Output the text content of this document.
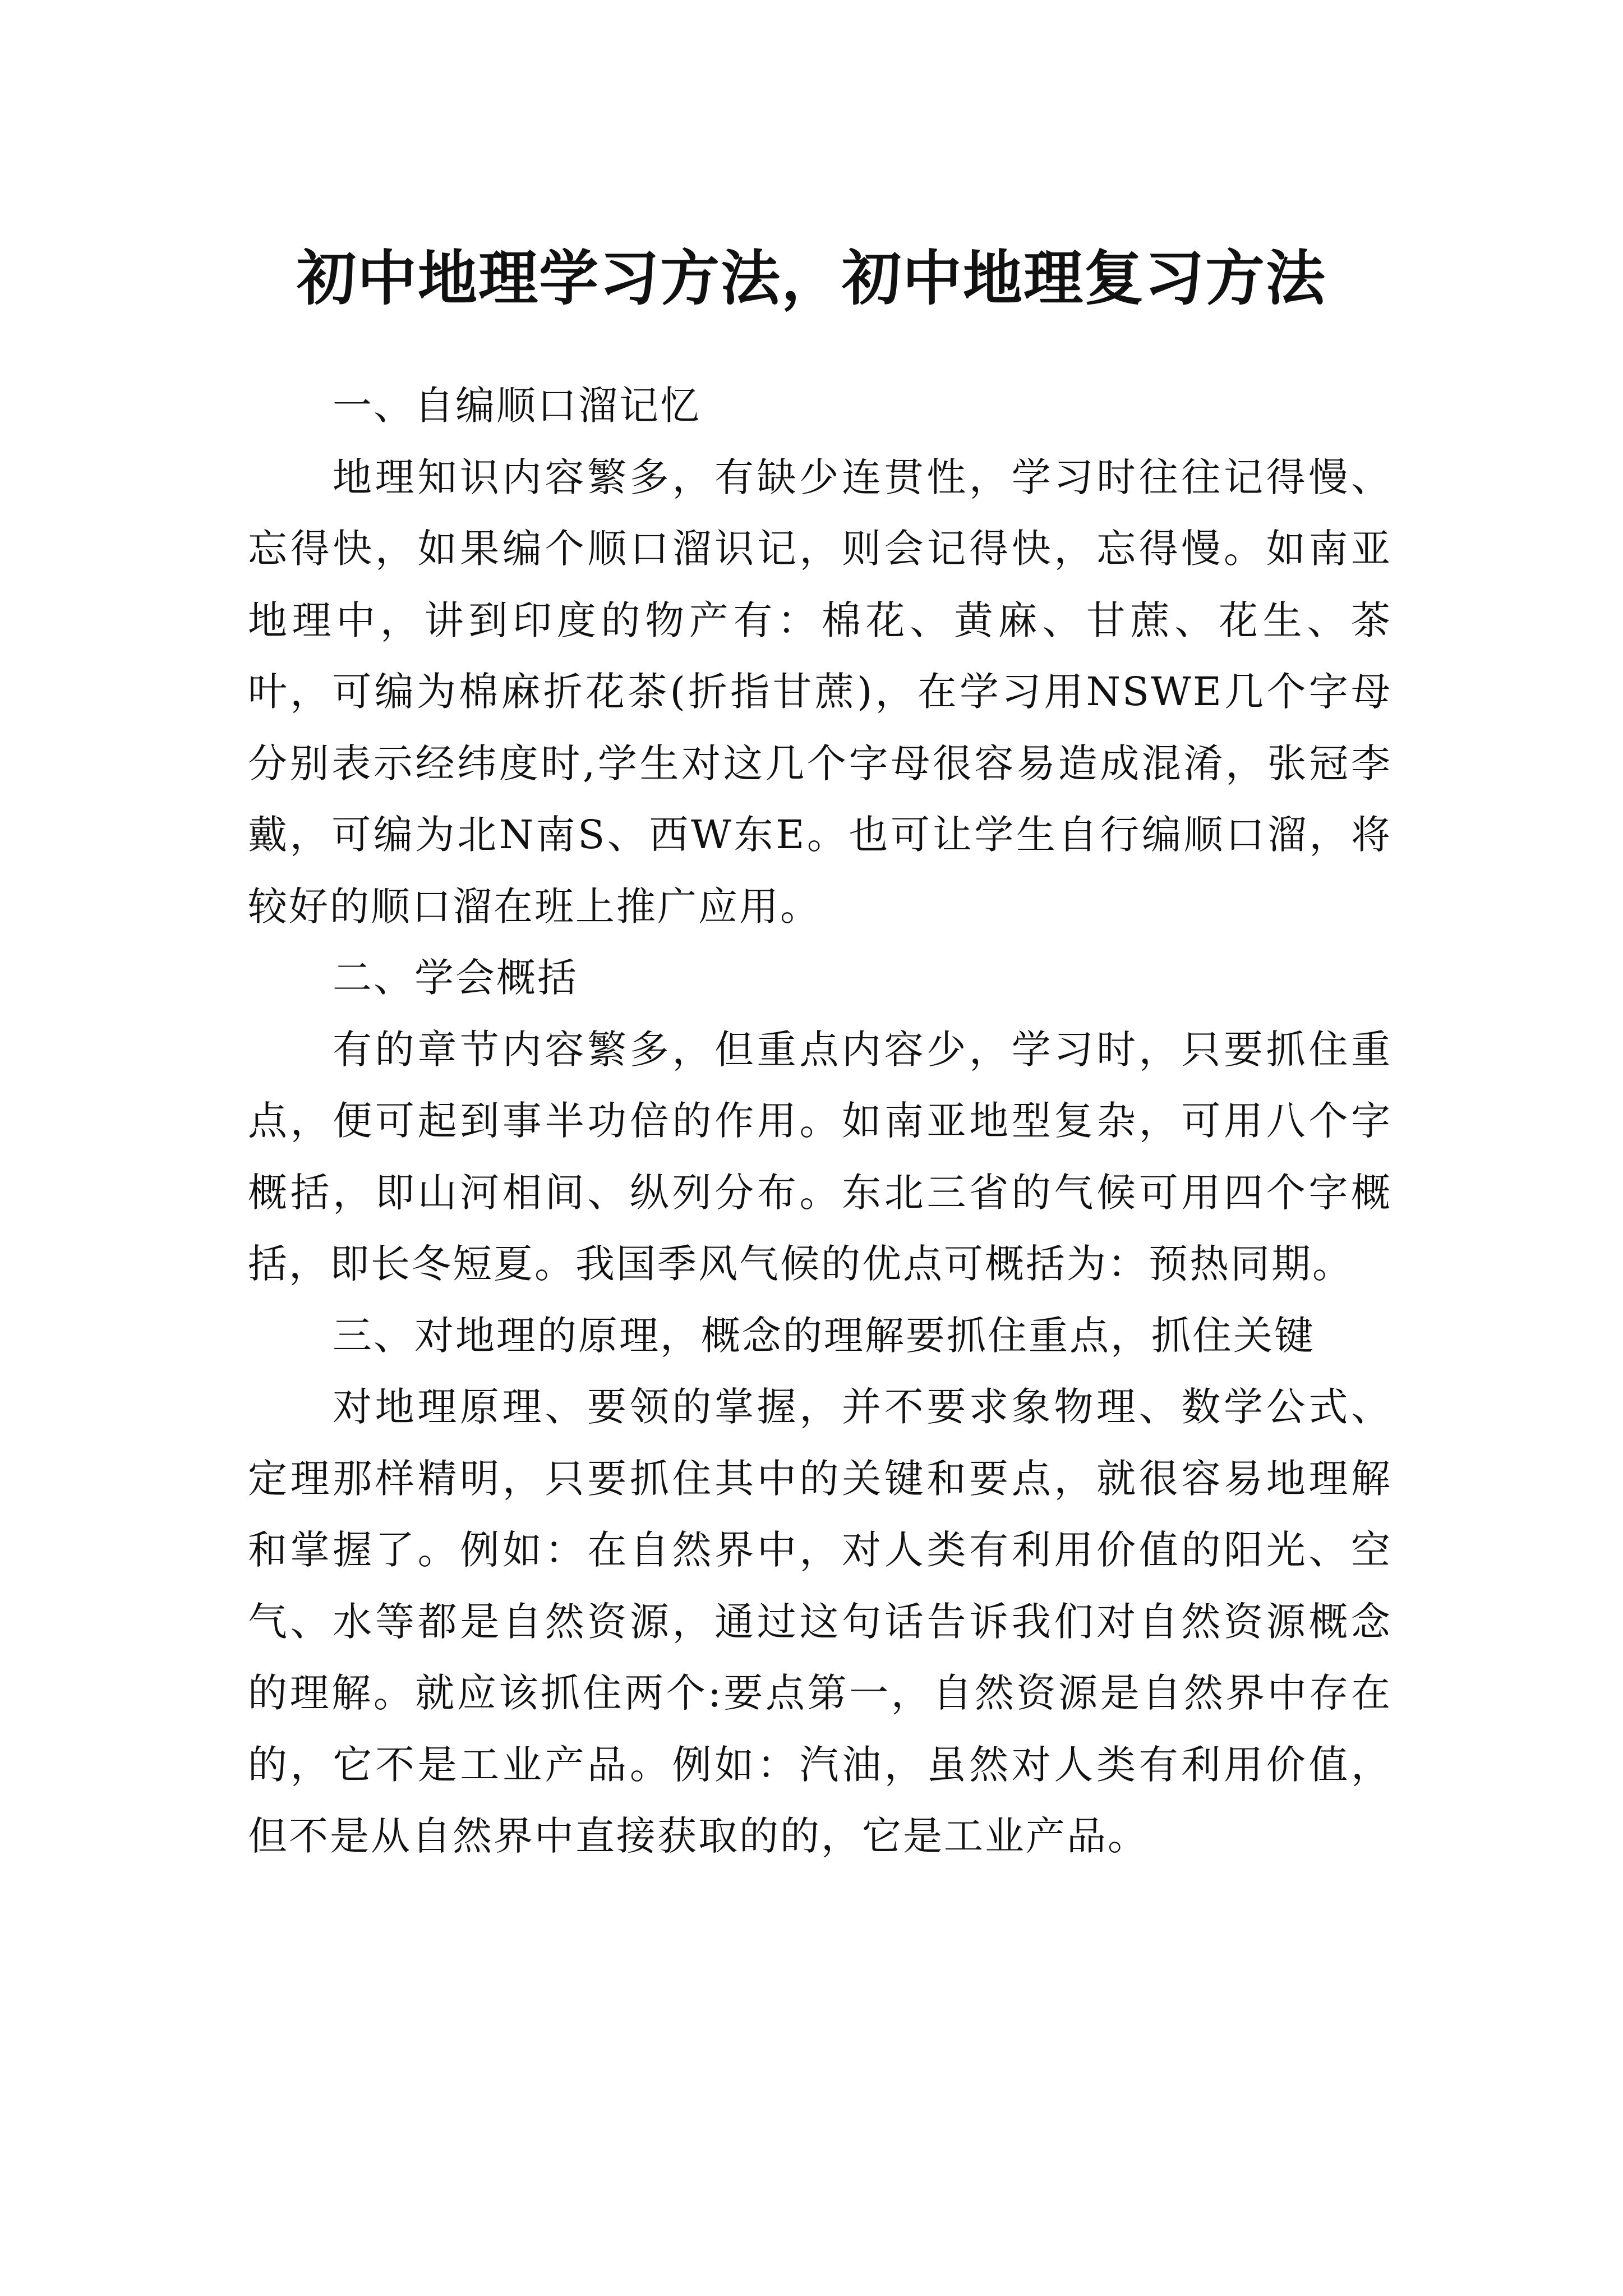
初中地理学习方法，初中地理复习方法

一、自编顺口溜记忆

地理知识内容繁多，有缺少连贯性，学习时往往记得慢、忘得快，如果编个顺口溜识记，则会记得快，忘得慢。如南亚地理中，讲到印度的物产有：棉花、黄麻、甘蔗、花生、茶叶，可编为棉麻折花茶(折指甘蔗)，在学习用NSWE几个字母分别表示经纬度时,学生对这几个字母很容易造成混淆，张冠李戴，可编为北N南S、西W东E。也可让学生自行编顺口溜，将较好的顺口溜在班上推广应用。

二、学会概括

有的章节内容繁多，但重点内容少，学习时，只要抓住重点，便可起到事半功倍的作用。如南亚地型复杂，可用八个字概括，即山河相间、纵列分布。东北三省的气候可用四个字概括，即长冬短夏。我国季风气候的优点可概括为：预热同期。

三、对地理的原理，概念的理解要抓住重点，抓住关键

对地理原理、要领的掌握，并不要求象物理、数学公式、定理那样精明，只要抓住其中的关键和要点，就很容易地理解和掌握了。例如：在自然界中，对人类有利用价值的阳光、空气、水等都是自然资源，通过这句话告诉我们对自然资源概念的理解。就应该抓住两个:要点第一，自然资源是自然界中存在的，它不是工业产品。例如：汽油，虽然对人类有利用价值，但不是从自然界中直接获取的的，它是工业产品。
